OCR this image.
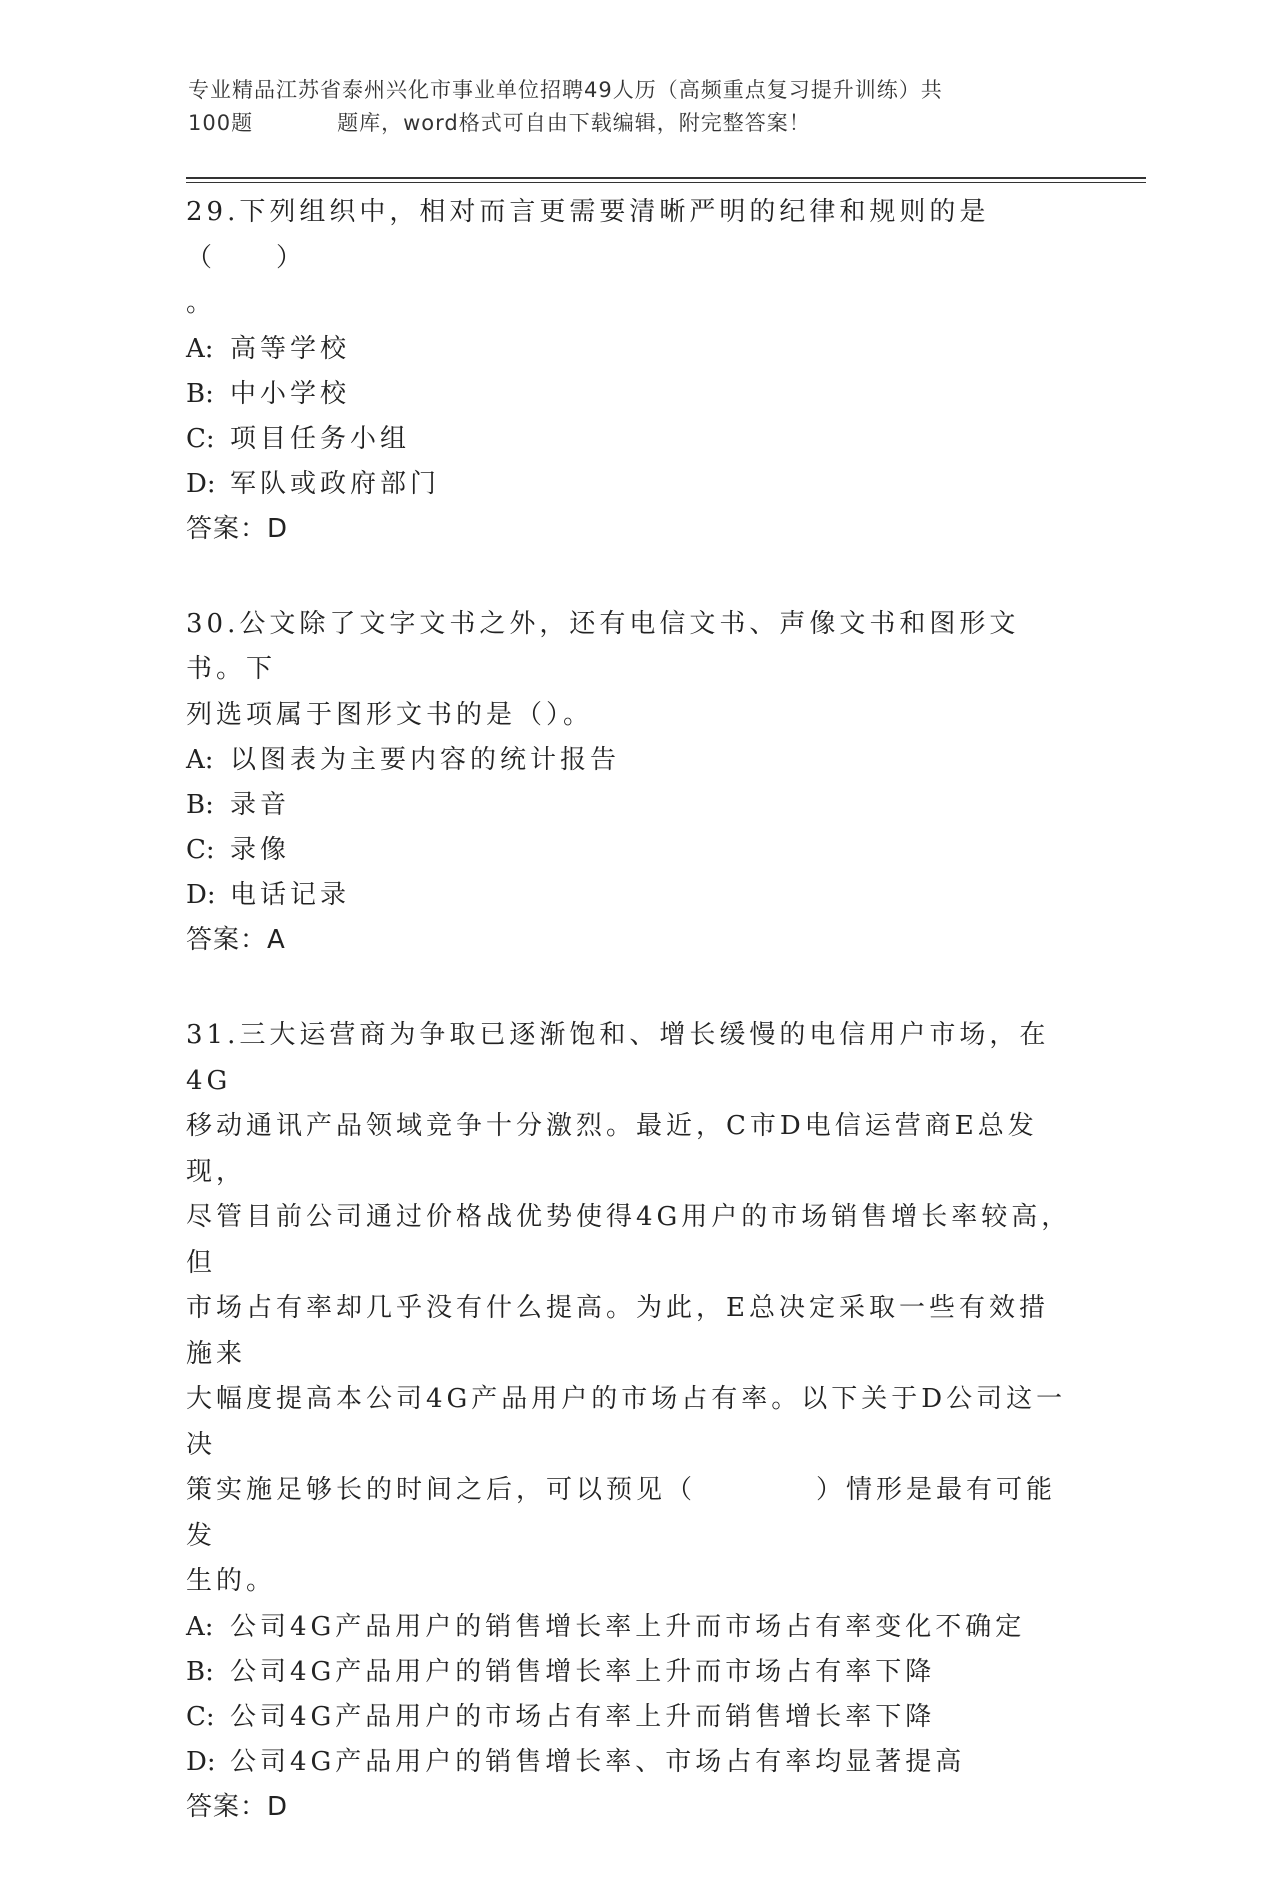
专业精品江苏省泰州兴化市事业单位招聘49人历（高频重点复习提升训练）共
100题	题库，word格式可自由下载编辑，附完整答案！

29.下列组织中，相对而言更需要清晰严明的纪律和规则的是（　　）
。

A: 高等学校

B: 中小学校

C: 项目任务小组

D: 军队或政府部门

答案：D

30.公文除了文字文书之外，还有电信文书、声像文书和图形文书。下
列选项属于图形文书的是（）。

A: 以图表为主要内容的统计报告

B: 录音

C: 录像

D: 电话记录

答案：A

31.三大运营商为争取已逐渐饱和、增长缓慢的电信用户市场，在4G
移动通讯产品领域竞争十分激烈。最近，C市D电信运营商E总发现，
尽管目前公司通过价格战优势使得4G用户的市场销售增长率较高，但
市场占有率却几乎没有什么提高。为此，E总决定采取一些有效措施来
大幅度提高本公司4G产品用户的市场占有率。以下关于D公司这一决
策实施足够长的时间之后，可以预见（　　　　）情形是最有可能发
生的。

A: 公司4G产品用户的销售增长率上升而市场占有率变化不确定

B: 公司4G产品用户的销售增长率上升而市场占有率下降

C: 公司4G产品用户的市场占有率上升而销售增长率下降

D: 公司4G产品用户的销售增长率、市场占有率均显著提高

答案：D
